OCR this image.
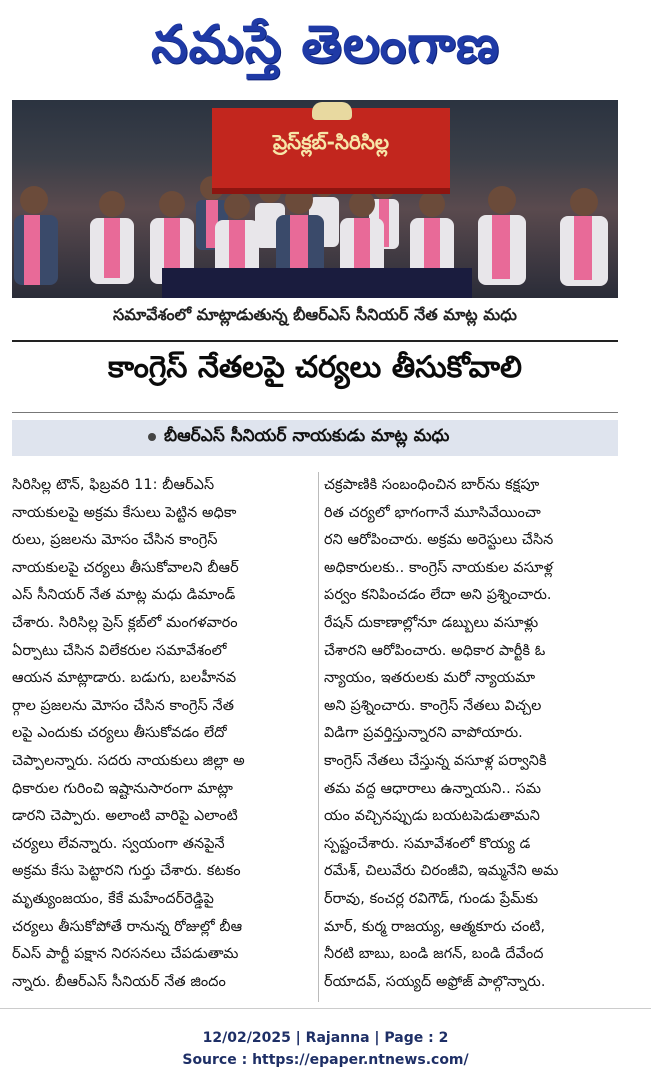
నమస్తే తెలంగాణ
ప్రెస్‌క్లబ్-సిరిసిల్ల
సమావేశంలో మాట్లాడుతున్న బీఆర్‌ఎస్ సీనియర్ నేత మాట్ల మధు
కాంగ్రెస్ నేతలపై చర్యలు తీసుకోవాలి
బీఆర్‌ఎస్ సీనియర్ నాయకుడు మాట్ల మధు
సిరిసిల్ల టౌన్, ఫిబ్రవరి 11: బీఆర్‌ఎస్
నాయకులపై అక్రమ కేసులు పెట్టిన అధికా
రులు, ప్రజలను మోసం చేసిన కాంగ్రెస్
నాయకులపై చర్యలు తీసుకోవాలని బీఆర్
ఎస్ సీనియర్ నేత మాట్ల మధు డిమాండ్
చేశారు. సిరిసిల్ల ప్రెస్ క్లబ్‌లో మంగళవారం
ఏర్పాటు చేసిన విలేకరుల సమావేశంలో
ఆయన మాట్లాడారు. బడుగు, బలహీనవ
ర్గాల ప్రజలను మోసం చేసిన కాంగ్రెస్ నేత
లపై ఎందుకు చర్యలు తీసుకోవడం లేదో
చెప్పాలన్నారు. సదరు నాయకులు జిల్లా అ
ధికారుల గురించి ఇష్టానుసారంగా మాట్లా
డారని చెప్పారు. అలాంటి వారిపై ఎలాంటి
చర్యలు లేవన్నారు. స్వయంగా తనపైనే
అక్రమ కేసు పెట్టారని గుర్తు చేశారు. కటకం
మృత్యుంజయం, కేకే మహేందర్‌రెడ్డిపై
చర్యలు తీసుకోపోతే రానున్న రోజుల్లో బీఆ
ర్‌ఎస్ పార్టీ పక్షాన నిరసనలు చేపడుతామ
న్నారు. బీఆర్‌ఎస్ సీనియర్ నేత జిందం
చక్రపాణికి సంబంధించిన బార్‌ను కక్షపూ
రిత చర్యలో భాగంగానే మూసివేయించా
రని ఆరోపించారు. అక్రమ అరెస్టులు చేసిన
అధికారులకు.. కాంగ్రెస్ నాయకుల వసూళ్ల
పర్వం కనిపించడం లేదా అని ప్రశ్నించారు.
రేషన్ దుకాణాల్లోనూ డబ్బులు వసూళ్లు
చేశారని ఆరోపించారు. అధికార పార్టీకి ఓ
న్యాయం, ఇతరులకు మరో న్యాయమా
అని ప్రశ్నించారు. కాంగ్రెస్ నేతలు విచ్చల
విడిగా ప్రవర్తిస్తున్నారని వాపోయారు.
కాంగ్రెస్ నేతలు చేస్తున్న వసూళ్ల పర్వానికి
తమ వద్ద ఆధారాలు ఉన్నాయని.. సమ
యం వచ్చినప్పుడు బయటపెడుతామని
స్పష్టంచేశారు. సమావేశంలో కొయ్య డ
రమేశ్, చిలువేరు చిరంజీవి, ఇమ్మనేని అమ
ర్‌రావు, కంచర్ల రవిగౌడ్, గుండు ప్రేమ్‌కు
మార్, కుర్మ రాజయ్య, ఆత్మకూరు చంటి,
నీరటి బాబు, బండి జగన్, బండి దేవేంద
ర్‌యాదవ్, సయ్యద్ అఫ్రోజ్ పాల్గొన్నారు.
12/02/2025 | Rajanna | Page : 2
Source : https://epaper.ntnews.com/
